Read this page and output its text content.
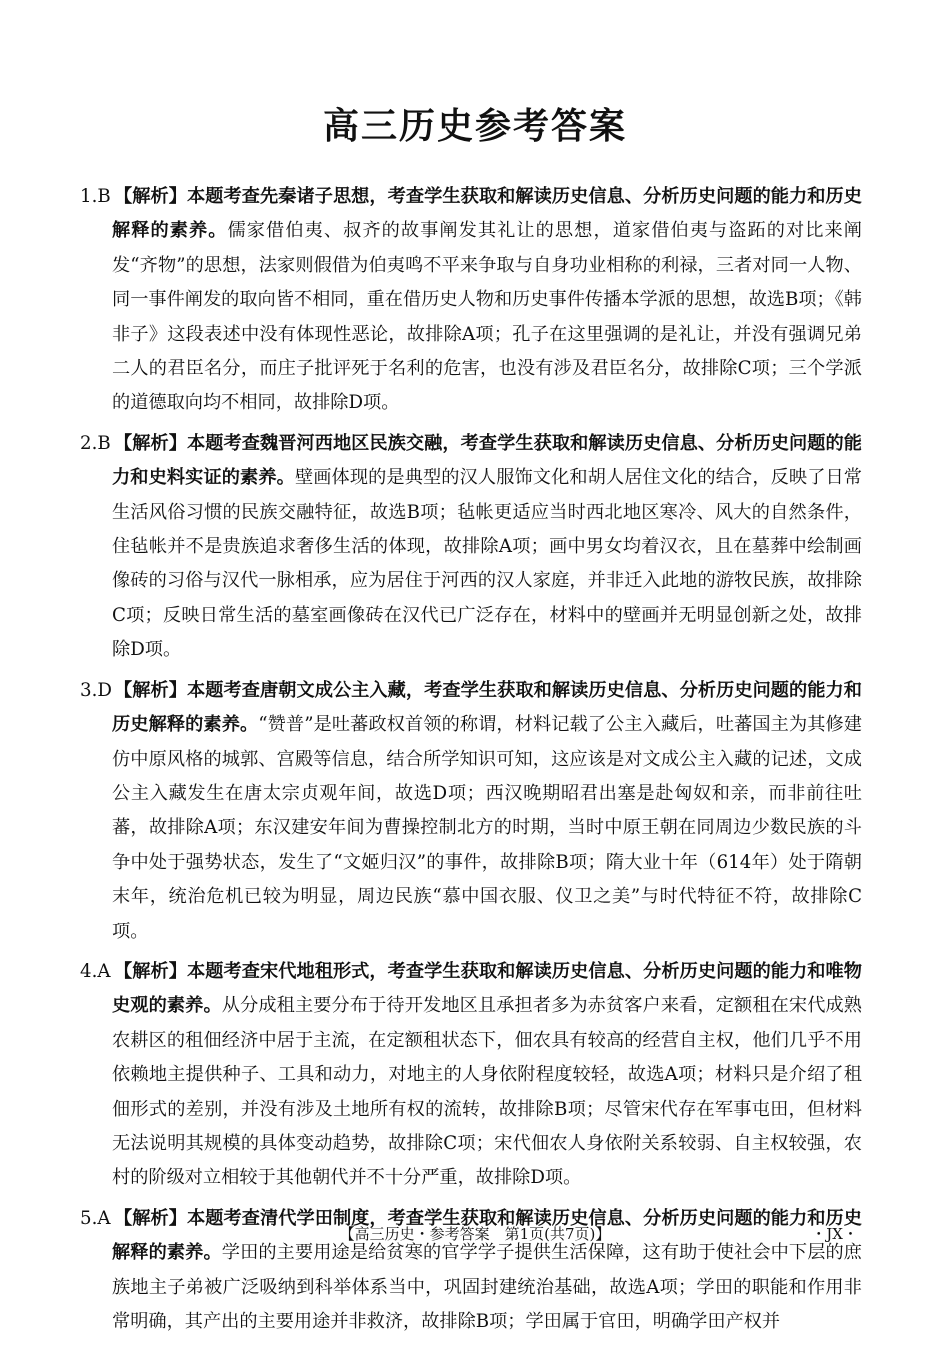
高三历史参考答案
1.B 【解析】本题考查先秦诸子思想，考查学生获取和解读历史信息、分析历史问题的能力和历史解释的素养。儒家借伯夷、叔齐的故事阐发其礼让的思想，道家借伯夷与盗跖的对比来阐发“齐物”的思想，法家则假借为伯夷鸣不平来争取与自身功业相称的利禄，三者对同一人物、同一事件阐发的取向皆不相同，重在借历史人物和历史事件传播本学派的思想，故选B项；《韩非子》这段表述中没有体现性恶论，故排除A项；孔子在这里强调的是礼让，并没有强调兄弟二人的君臣名分，而庄子批评死于名利的危害，也没有涉及君臣名分，故排除C项；三个学派的道德取向均不相同，故排除D项。
2.B 【解析】本题考查魏晋河西地区民族交融，考查学生获取和解读历史信息、分析历史问题的能力和史料实证的素养。壁画体现的是典型的汉人服饰文化和胡人居住文化的结合，反映了日常生活风俗习惯的民族交融特征，故选B项；毡帐更适应当时西北地区寒冷、风大的自然条件，住毡帐并不是贵族追求奢侈生活的体现，故排除A项；画中男女均着汉衣，且在墓葬中绘制画像砖的习俗与汉代一脉相承，应为居住于河西的汉人家庭，并非迁入此地的游牧民族，故排除C项；反映日常生活的墓室画像砖在汉代已广泛存在，材料中的壁画并无明显创新之处，故排除D项。
3.D 【解析】本题考查唐朝文成公主入藏，考查学生获取和解读历史信息、分析历史问题的能力和历史解释的素养。“赞普”是吐蕃政权首领的称谓，材料记载了公主入藏后，吐蕃国主为其修建仿中原风格的城郭、宫殿等信息，结合所学知识可知，这应该是对文成公主入藏的记述，文成公主入藏发生在唐太宗贞观年间，故选D项；西汉晚期昭君出塞是赴匈奴和亲，而非前往吐蕃，故排除A项；东汉建安年间为曹操控制北方的时期，当时中原王朝在同周边少数民族的斗争中处于强势状态，发生了“文姬归汉”的事件，故排除B项；隋大业十年（614年）处于隋朝末年，统治危机已较为明显，周边民族“慕中国衣服、仪卫之美”与时代特征不符，故排除C项。
4.A 【解析】本题考查宋代地租形式，考查学生获取和解读历史信息、分析历史问题的能力和唯物史观的素养。从分成租主要分布于待开发地区且承担者多为赤贫客户来看，定额租在宋代成熟农耕区的租佃经济中居于主流，在定额租状态下，佃农具有较高的经营自主权，他们几乎不用依赖地主提供种子、工具和动力，对地主的人身依附程度较轻，故选A项；材料只是介绍了租佃形式的差别，并没有涉及土地所有权的流转，故排除B项；尽管宋代存在军事屯田，但材料无法说明其规模的具体变动趋势，故排除C项；宋代佃农人身依附关系较弱、自主权较强，农村的阶级对立相较于其他朝代并不十分严重，故排除D项。
5.A 【解析】本题考查清代学田制度，考查学生获取和解读历史信息、分析历史问题的能力和历史解释的素养。学田的主要用途是给贫寒的官学学子提供生活保障，这有助于使社会中下层的庶族地主子弟被广泛吸纳到科举体系当中，巩固封建统治基础，故选A项；学田的职能和作用非常明确，其产出的主要用途并非救济，故排除B项；学田属于官田，明确学田产权并
【高三历史・参考答案　第1页(共7页)】	・JX・
